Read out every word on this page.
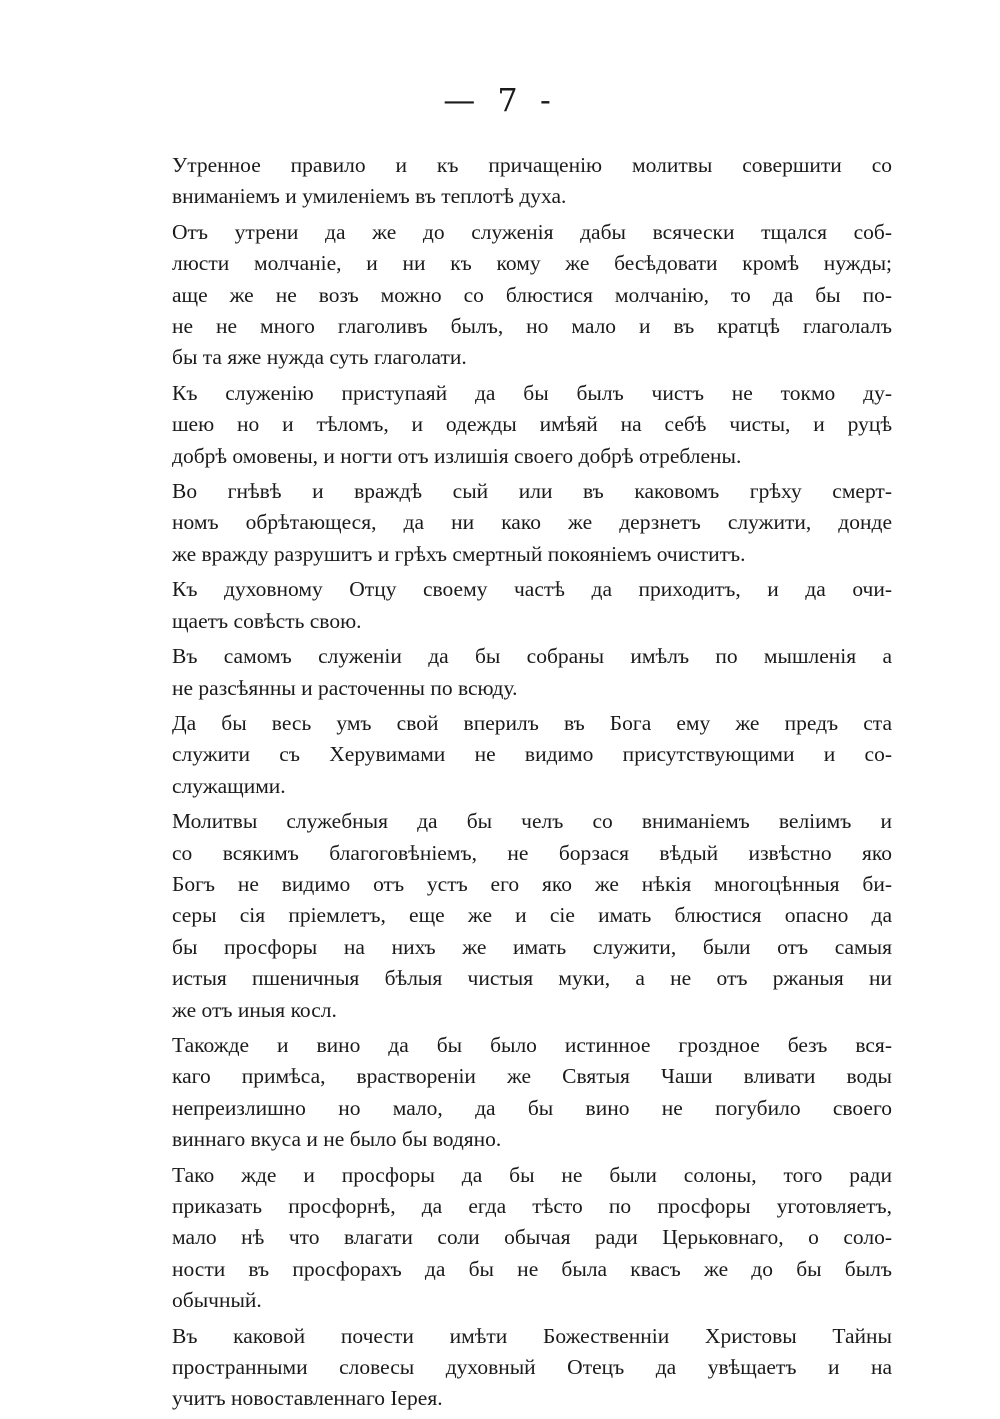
— 7 -
Утренное правило и къ причащенію молитвы совершити со
вниманіемъ и умиленіемъ въ теплотѣ духа.
Отъ утрени да же до служенія дабы всячески тщался соб-
люсти молчаніе, и ни къ кому же бесѣдовати кромѣ нужды;
аще же не возъ можно со блюстися молчанію, то да бы по-
не не много глаголивъ былъ, но мало и въ кратцѣ глаголалъ
бы та яже нужда суть глаголати.
Къ служенію приступаяй да бы былъ чистъ не токмо ду-
шею но и тѣломъ, и одежды имѣяй на себѣ чисты, и руцѣ
добрѣ омовены, и ногти отъ излишія своего добрѣ отреблены.
Во гнѣвѣ и враждѣ сый или въ каковомъ грѣху смерт-
номъ обрѣтающеся, да ни како же дерзнетъ служити, донде
же вражду разрушитъ и грѣхъ смертный покояніемъ очиститъ.
Къ духовному Отцу своему частѣ да приходитъ, и да очи-
щаетъ совѣсть свою.
Въ самомъ служеніи да бы собраны имѣлъ по мышленія а
не разсѣянны и расточенны по всюду.
Да бы весь умъ свой вперилъ въ Бога ему же предъ ста
служити съ Херувимами не видимо присутствующими и со-
служащими.
Молитвы служебныя да бы челъ со вниманіемъ веліимъ и
со всякимъ благоговѣніемъ, не борзася вѣдый извѣстно яко
Богъ не видимо отъ устъ его яко же нѣкія многоцѣнныя би-
серы сія пріемлетъ, еще же и сіе имать блюстися опасно да
бы просфоры на нихъ же имать служити, были отъ самыя
истыя пшеничныя бѣлыя чистыя муки, а не отъ ржаныя ни
же отъ иныя косл.
Такожде и вино да бы было истинное гроздное безъ вся-
каго примѣса, враствореніи же Святыя Чаши вливати воды
непреизлишно но мало, да бы вино не погубило своего
виннаго вкуса и не было бы водяно.
Тако жде и просфоры да бы не были солоны, того ради
приказать просфорнѣ, да егда тѣсто по просфоры уготовляетъ,
мало нѣ что влагати соли обычая ради Церьковнаго, о соло-
ности въ просфорахъ да бы не была квасъ же до бы былъ
обычный.
Въ каковой почести имѣти Божественніи Христовы Тайны
пространными словесы духовный Отецъ да увѣщаетъ и на
учитъ новоставленнаго Іерея.
